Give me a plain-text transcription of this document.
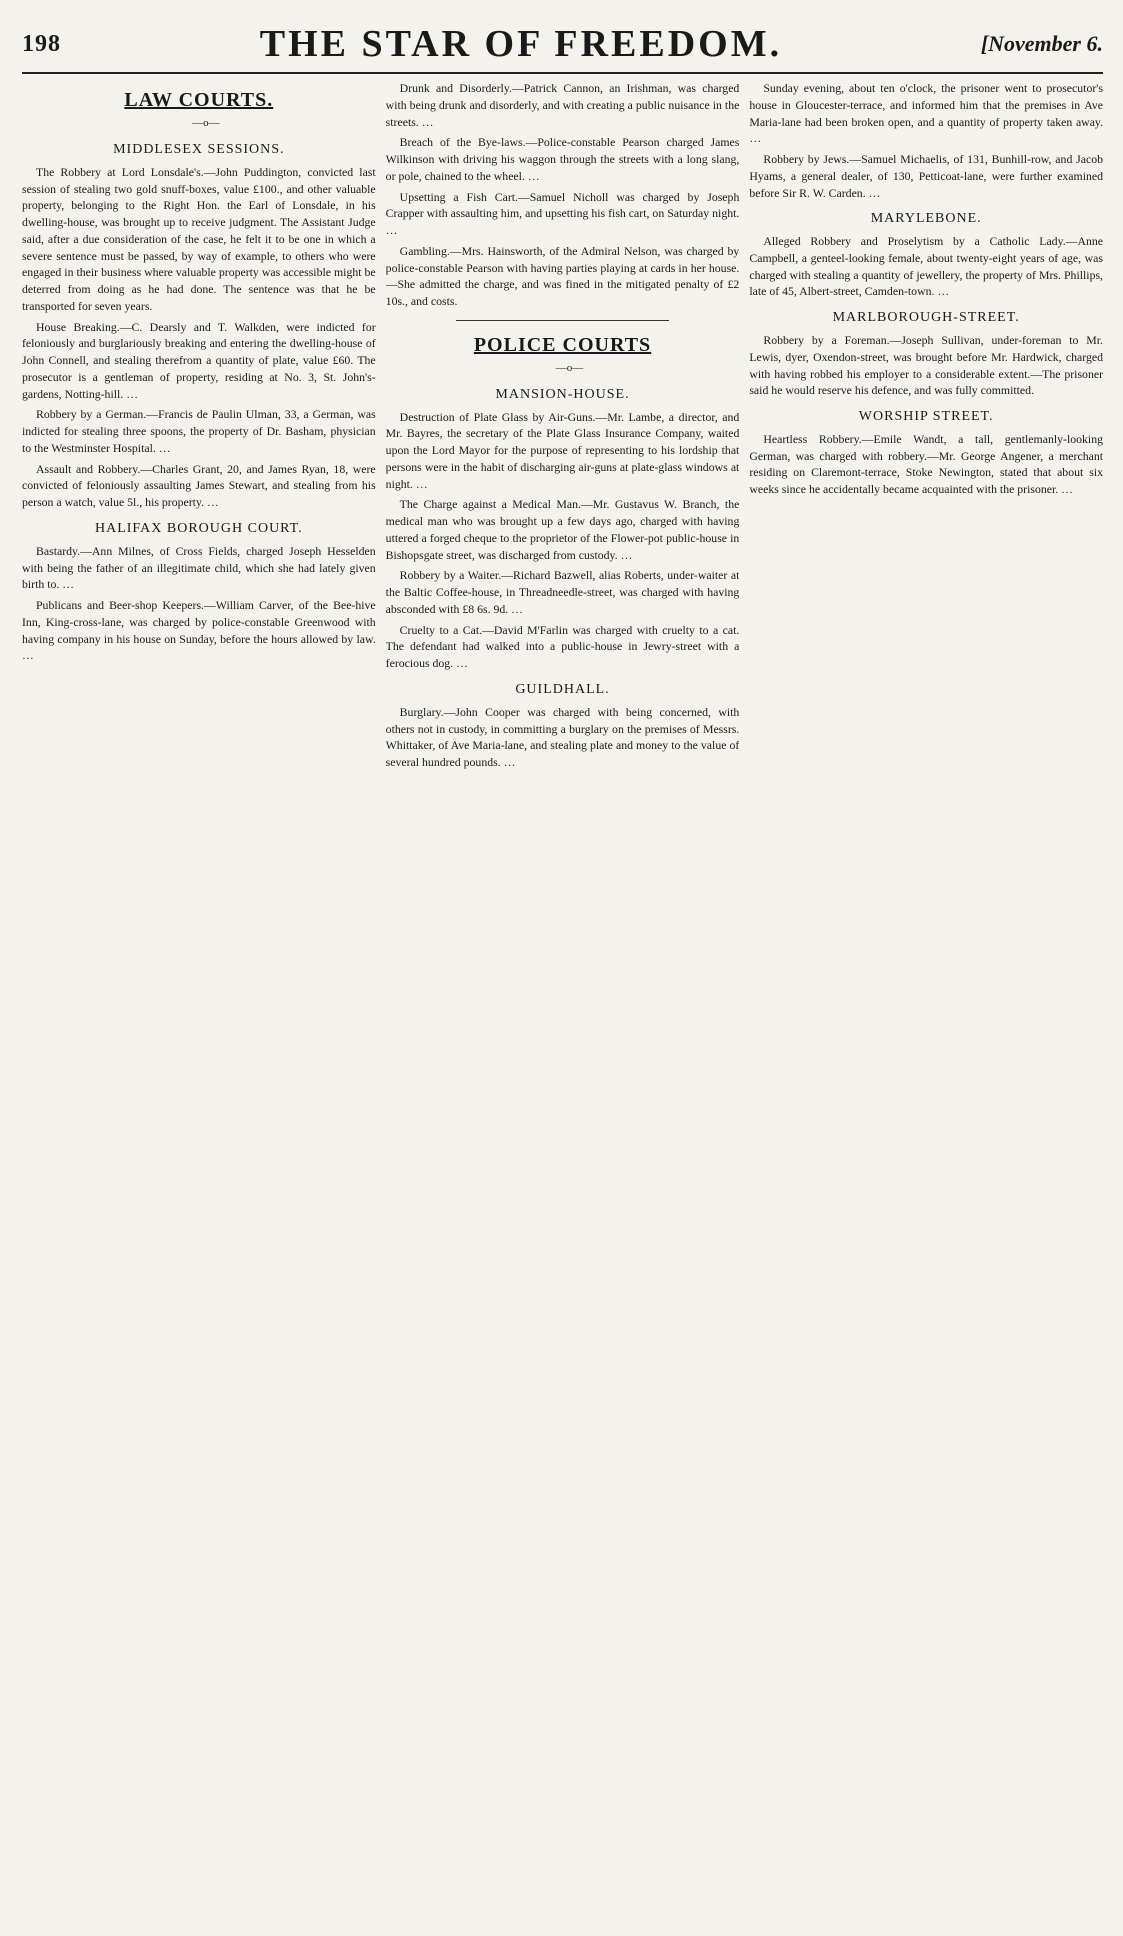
198	THE STAR OF FREEDOM.	[November 6.
LAW COURTS.

—o—

MIDDLESEX SESSIONS.

The Robbery at Lord Lonsdale's.—John Puddington, convicted last session of stealing two gold snuff-boxes, value £100., and other valuable property, belonging to the Right Hon. the Earl of Lonsdale, in his dwelling-house, was brought up to receive judgment. The Assistant Judge said, after a due consideration of the case, he felt it to be one in which a severe sentence must be passed, by way of example, to others who were engaged in their business where valuable property was accessible might be deterred from doing as he had done. The sentence was that he be transported for seven years.

House Breaking.—C. Dearsly and T. Walkden, were indicted for feloniously and burglariously breaking and entering the dwelling-house of John Connell, and stealing therefrom a quantity of plate, value £60. The prosecutor is a gentleman of property, residing at No. 3, St. John's-gardens, Notting-hill. …

Robbery by a German.—Francis de Paulin Ulman, 33, a German, was indicted for stealing three spoons, the property of Dr. Basham, physician to the Westminster Hospital. …

Assault and Robbery.—Charles Grant, 20, and James Ryan, 18, were convicted of feloniously assaulting James Stewart, and stealing from his person a watch, value 5l., his property. …

HALIFAX BOROUGH COURT.

Bastardy.—Ann Milnes, of Cross Fields, charged Joseph Hesselden with being the father of an illegitimate child, which she had lately given birth to. …

Publicans and Beer-shop Keepers.—William Carver, of the Bee-hive Inn, King-cross-lane, was charged by police-constable Greenwood with having company in his house on Sunday, before the hours allowed by law. …

Drunk and Disorderly.—Patrick Cannon, an Irishman, was charged with being drunk and disorderly, and with creating a public nuisance in the streets. …

Breach of the Bye-laws.—Police-constable Pearson charged James Wilkinson with driving his waggon through the streets with a long slang, or pole, chained to the wheel. …

Upsetting a Fish Cart.—Samuel Nicholl was charged by Joseph Crapper with assaulting him, and upsetting his fish cart, on Saturday night. …

Gambling.—Mrs. Hainsworth, of the Admiral Nelson, was charged by police-constable Pearson with having parties playing at cards in her house.—She admitted the charge, and was fined in the mitigated penalty of £2 10s., and costs.

POLICE COURTS

—o—

MANSION-HOUSE.

Destruction of Plate Glass by Air-Guns.—Mr. Lambe, a director, and Mr. Bayres, the secretary of the Plate Glass Insurance Company, waited upon the Lord Mayor for the purpose of representing to his lordship that persons were in the habit of discharging air-guns at plate-glass windows at night. …

The Charge against a Medical Man.—Mr. Gustavus W. Branch, the medical man who was brought up a few days ago, charged with having uttered a forged cheque to the proprietor of the Flower-pot public-house in Bishopsgate street, was discharged from custody. …

Robbery by a Waiter.—Richard Bazwell, alias Roberts, under-waiter at the Baltic Coffee-house, in Threadneedle-street, was charged with having absconded with £8 6s. 9d. …

Cruelty to a Cat.—David M'Farlin was charged with cruelty to a cat. The defendant had walked into a public-house in Jewry-street with a ferocious dog. …

GUILDHALL.

Burglary.—John Cooper was charged with being concerned, with others not in custody, in committing a burglary on the premises of Messrs. Whittaker, of Ave Maria-lane, and stealing plate and money to the value of several hundred pounds. …

Sunday evening, about ten o'clock, the prisoner went to prosecutor's house in Gloucester-terrace, and informed him that the premises in Ave Maria-lane had been broken open, and a quantity of property taken away. …

Robbery by Jews.—Samuel Michaelis, of 131, Bunhill-row, and Jacob Hyams, a general dealer, of 130, Petticoat-lane, were further examined before Sir R. W. Carden. …

MARYLEBONE.

Alleged Robbery and Proselytism by a Catholic Lady.—Anne Campbell, a genteel-looking female, about twenty-eight years of age, was charged with stealing a quantity of jewellery, the property of Mrs. Phillips, late of 45, Albert-street, Camden-town. …

MARLBOROUGH-STREET.

Robbery by a Foreman.—Joseph Sullivan, under-foreman to Mr. Lewis, dyer, Oxendon-street, was brought before Mr. Hardwick, charged with having robbed his employer to a considerable extent.—The prisoner said he would reserve his defence, and was fully committed.

WORSHIP STREET.

Heartless Robbery.—Emile Wandt, a tall, gentlemanly-looking German, was charged with robbery.—Mr. George Angener, a merchant residing on Claremont-terrace, Stoke Newington, stated that about six weeks since he accidentally became acquainted with the prisoner. …
